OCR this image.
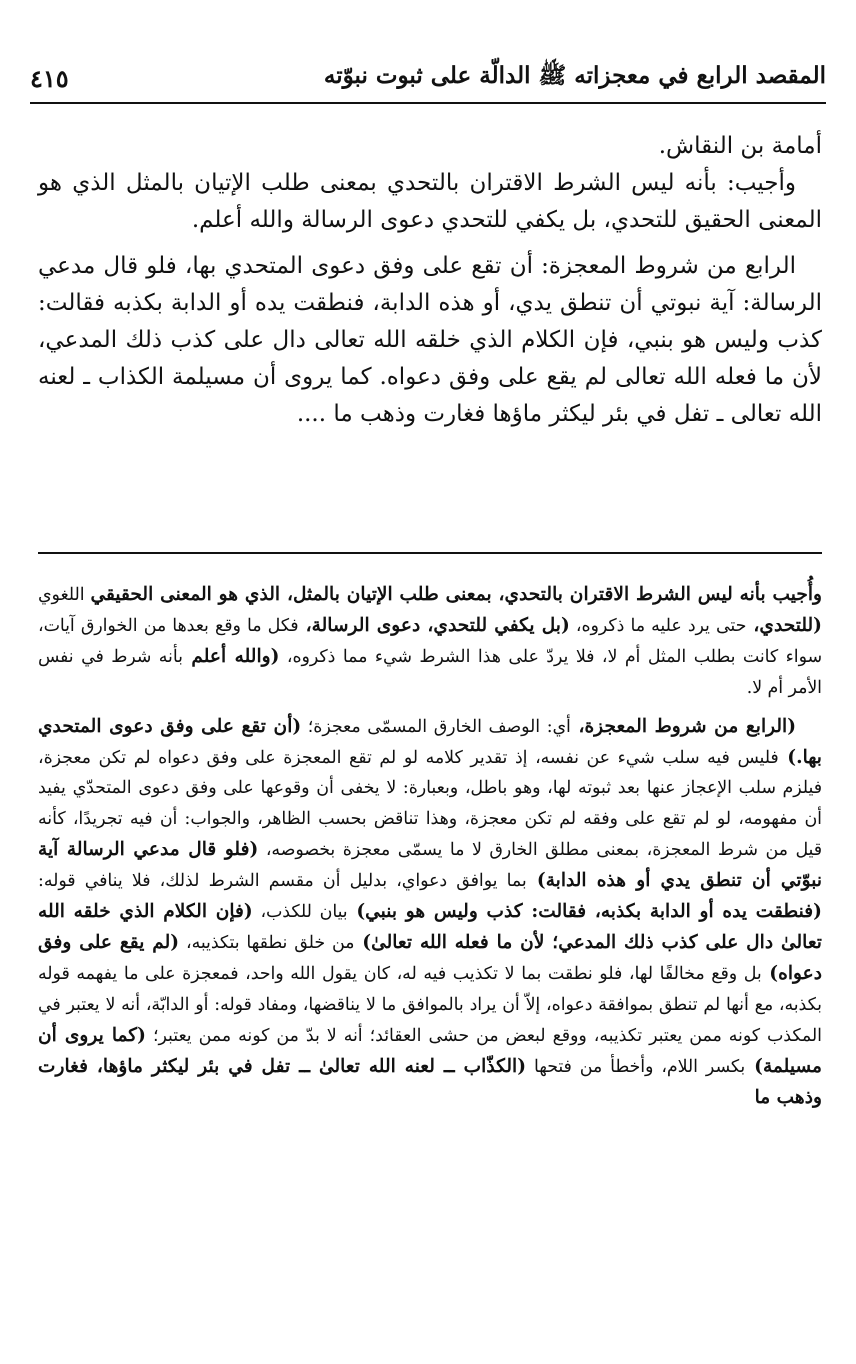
المقصد الرابع في معجزاته ﷺ الدالّة على ثبوت نبوّته
٤١٥

أمامة بن النقاش.

وأجيب: بأنه ليس الشرط الاقتران بالتحدي بمعنى طلب الإتيان بالمثل الذي هو المعنى الحقيق للتحدي، بل يكفي للتحدي دعوى الرسالة والله أعلم.

الرابع من شروط المعجزة: أن تقع على وفق دعوى المتحدي بها، فلو قال مدعي الرسالة: آية نبوتي أن تنطق يدي، أو هذه الدابة، فنطقت يده أو الدابة بكذبه فقالت: كذب وليس هو بنبي، فإن الكلام الذي خلقه الله تعالى دال على كذب ذلك المدعي، لأن ما فعله الله تعالى لم يقع على وفق دعواه. كما يروى أن مسيلمة الكذاب ـ لعنه الله تعالى ـ تفل في بئر ليكثر ماؤها فغارت وذهب ما ....

وأُجيب بأنه ليس الشرط الاقتران بالتحدي، بمعنى طلب الإتيان بالمثل، الذي هو المعنى الحقيقي اللغوي (للتحدي، حتى يرد عليه ما ذكروه، (بل يكفي للتحدي، دعوى الرسالة، فكل ما وقع بعدها من الخوارق آيات، سواء كانت بطلب المثل أم لا، فلا يردّ على هذا الشرط شيء مما ذكروه، (والله أعلم بأنه شرط في نفس الأمر أم لا.

(الرابع من شروط المعجزة، أي: الوصف الخارق المسمّى معجزة؛ (أن تقع على وفق دعوى المتحدي بها.) فليس فيه سلب شيء عن نفسه، إذ تقدير كلامه لو لم تقع المعجزة على وفق دعواه لم تكن معجزة، فيلزم سلب الإعجاز عنها بعد ثبوته لها، وهو باطل، وبعبارة: لا يخفى أن وقوعها على وفق دعوى المتحدّي يفيد أن مفهومه، لو لم تقع على وفقه لم تكن معجزة، وهذا تناقض بحسب الظاهر، والجواب: أن فيه تجريدًا، كأنه قيل من شرط المعجزة، بمعنى مطلق الخارق لا ما يسمّى معجزة بخصوصه، (فلو قال مدعي الرسالة آية نبوّتي أن تنطق يدي أو هذه الدابة) بما يوافق دعواي، بدليل أن مقسم الشرط لذلك، فلا ينافي قوله: (فنطقت يده أو الدابة بكذبه، فقالت: كذب وليس هو بنبي) بيان للكذب، (فإن الكلام الذي خلقه الله تعالىٰ دال على كذب ذلك المدعي؛ لأن ما فعله الله تعالىٰ) من خلق نطقها بتكذيبه، (لم يقع على وفق دعواه) بل وقع مخالفًا لها، فلو نطقت بما لا تكذيب فيه له، كان يقول الله واحد، فمعجزة على ما يفهمه قوله بكذبه، مع أنها لم تنطق بموافقة دعواه، إلاّ أن يراد بالموافق ما لا يناقضها، ومفاد قوله: أو الدابّة، أنه لا يعتبر في المكذب كونه ممن يعتبر تكذيبه، ووقع لبعض من حشى العقائد؛ أنه لا بدّ من كونه ممن يعتبر؛ (كما يروى أن مسيلمة) بكسر اللام، وأخطأ من فتحها (الكذّاب ــ لعنه الله تعالىٰ ــ تفل في بئر ليكثر ماؤها، فغارت وذهب ما
